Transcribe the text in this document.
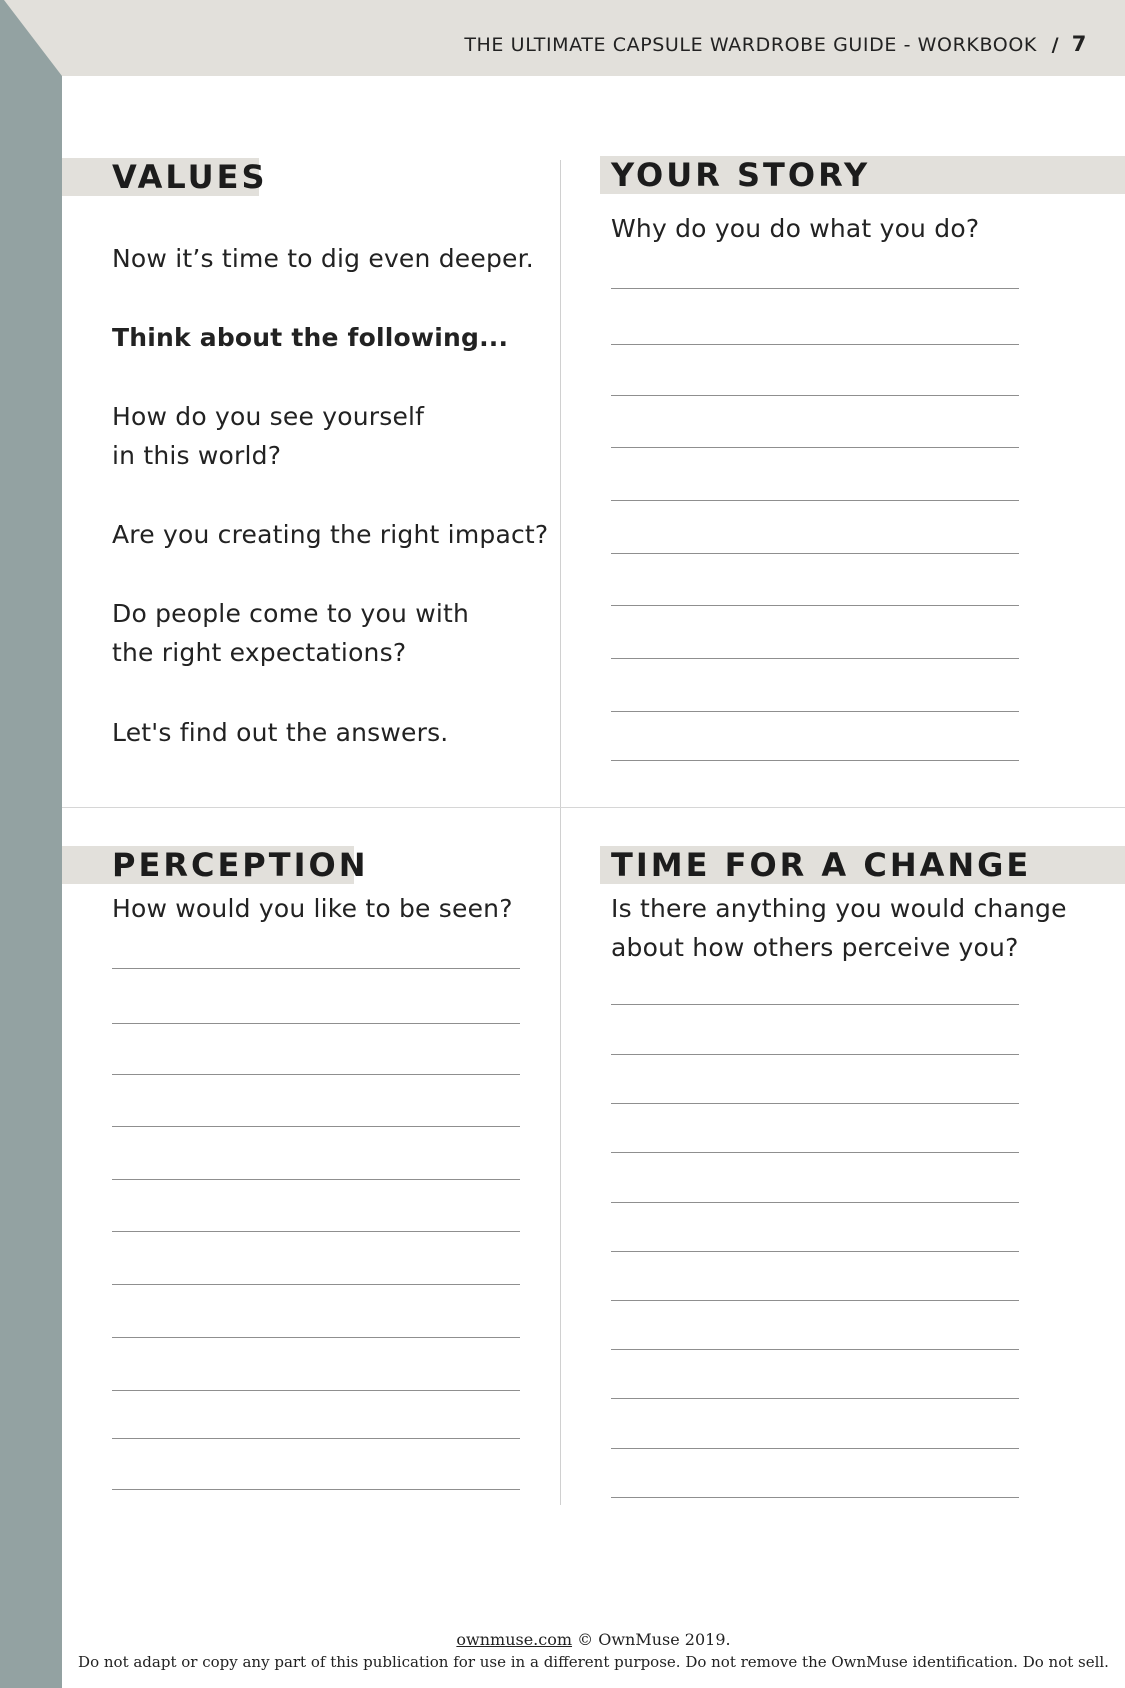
THE ULTIMATE CAPSULE WARDROBE GUIDE - WORKBOOK / 7
VALUES
Now it’s time to dig even deeper.
Think about the following...
How do you see yourself
in this world?
Are you creating the right impact?
Do people come to you with
the right expectations?
Let's find out the answers.
YOUR STORY
Why do you do what you do?
PERCEPTION
How would you like to be seen?
TIME FOR A CHANGE
Is there anything you would change
about how others perceive you?
ownmuse.com © OwnMuse 2019.
Do not adapt or copy any part of this publication for use in a different purpose. Do not remove the OwnMuse identification. Do not sell.
